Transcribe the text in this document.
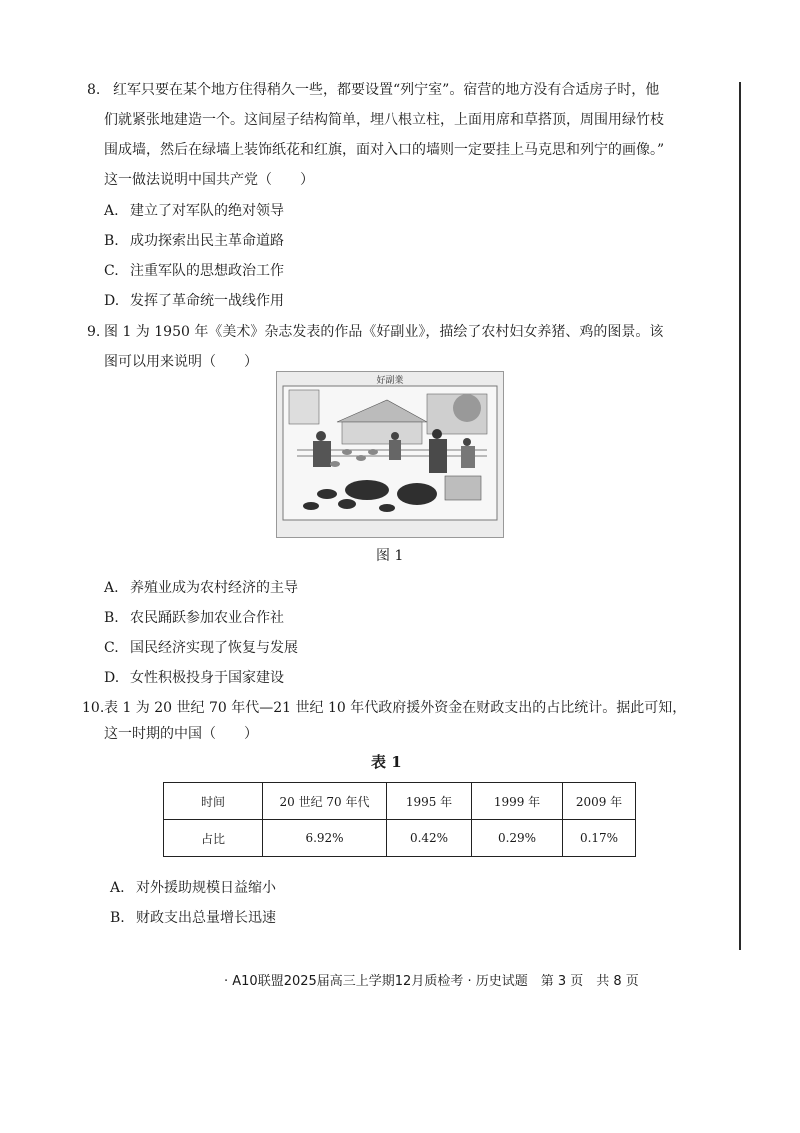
8. 红军只要在某个地方住得稍久一些，都要设置“列宁室”。宿营的地方没有合适房子时，他
们就紧张地建造一个。这间屋子结构简单，埋八根立柱，上面用席和草搭顶，周围用绿竹枝
围成墙，然后在绿墙上装饰纸花和红旗，面对入口的墙则一定要挂上马克思和列宁的画像。”
这一做法说明中国共产党（　　）
A. 建立了对军队的绝对领导
B. 成功探索出民主革命道路
C. 注重军队的思想政治工作
D. 发挥了革命统一战线作用
9. 图 1 为 1950 年《美术》杂志发表的作品《好副业》，描绘了农村妇女养猪、鸡的图景。该
图可以用来说明（　　）
好副業
图 1
A. 养殖业成为农村经济的主导
B. 农民踊跃参加农业合作社
C. 国民经济实现了恢复与发展
D. 女性积极投身于国家建设
10.表 1 为 20 世纪 70 年代—21 世纪 10 年代政府援外资金在财政支出的占比统计。据此可知，
这一时期的中国（　　）
表 1
时间	20 世纪 70 年代	1995 年	1999 年	2009 年
占比	6.92%	0.42%	0.29%	0.17%
A. 对外援助规模日益缩小
B. 财政支出总量增长迅速
· A10联盟2025届高三上学期12月质检考 · 历史试题　第 3 页　共 8 页
